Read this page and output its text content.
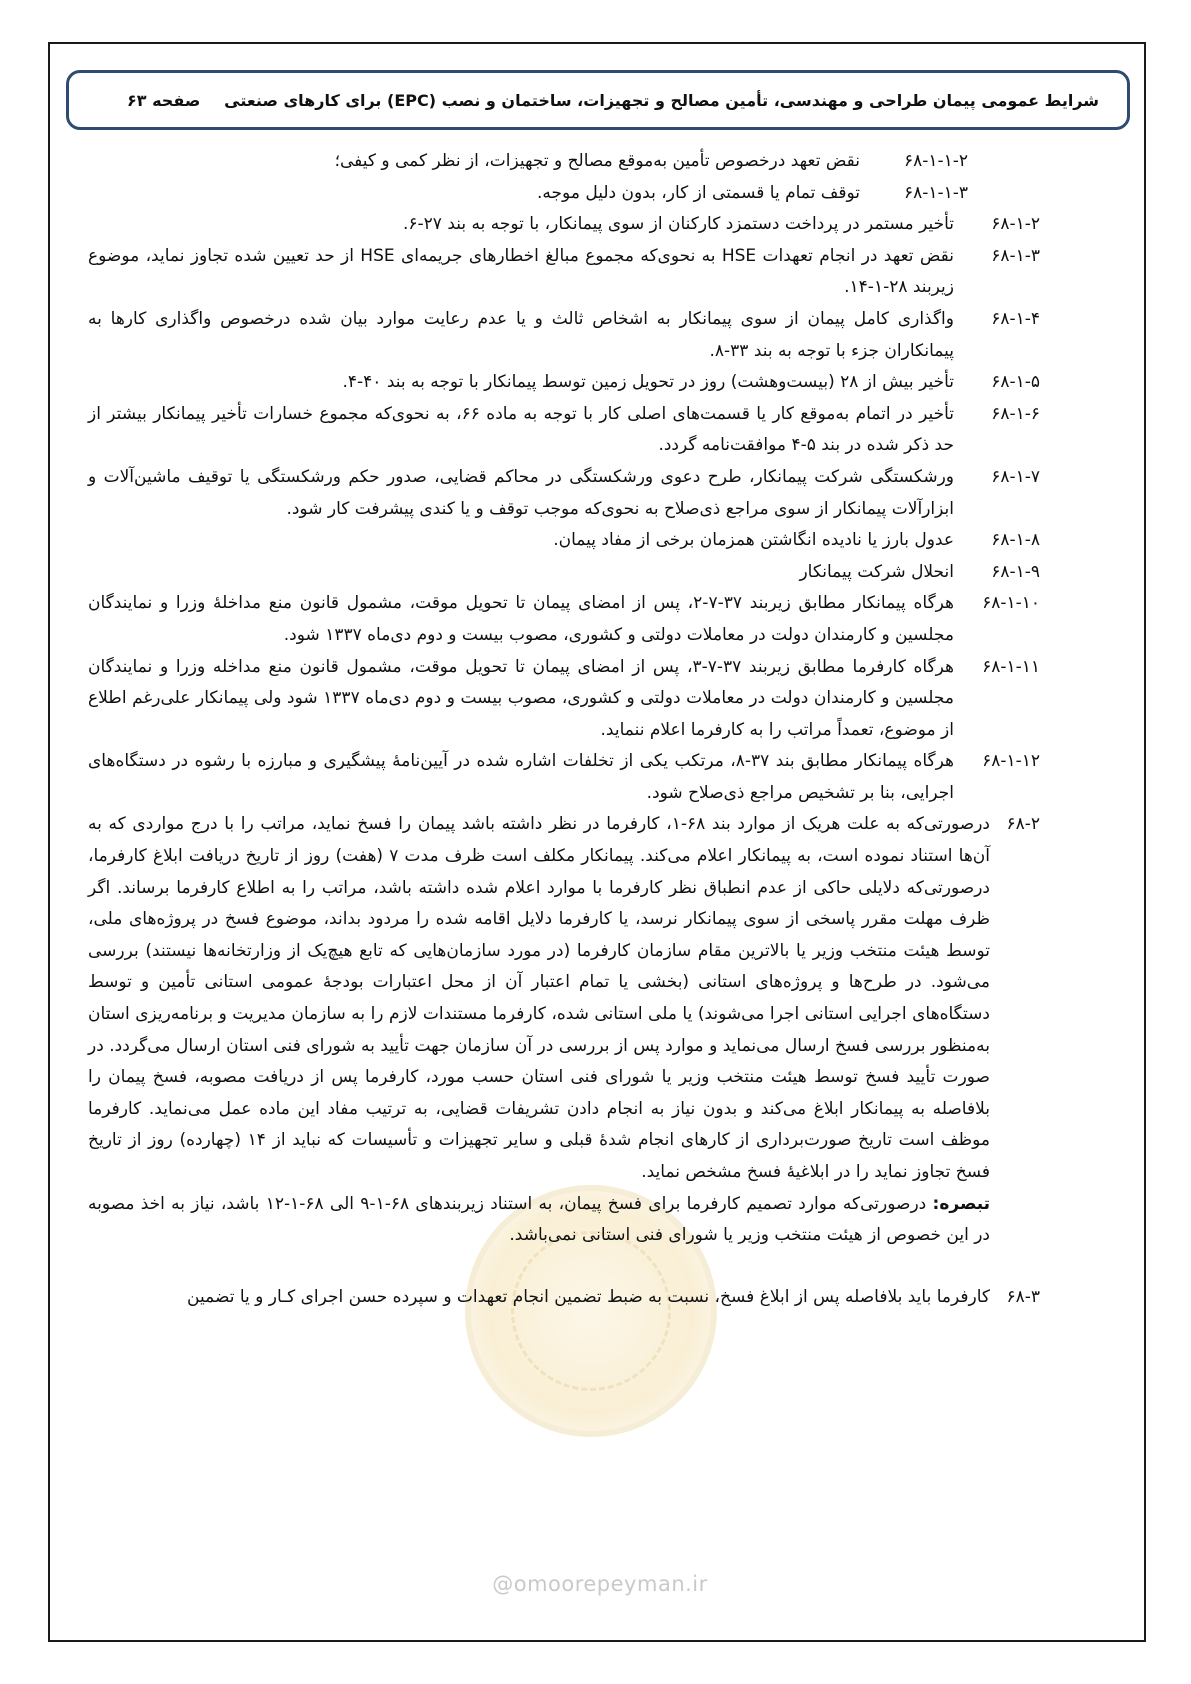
شرایط عمومی پیمان طراحی و مهندسی، تأمین مصالح و تجهیزات، ساختمان و نصب (EPC) برای کارهای صنعتی
صفحه ۶۳
@omoorepeyman.ir
۶۸-۱-۱-۲
نقض تعهد درخصوص تأمین به‌موقع مصالح و تجهیزات، از نظر کمی و کیفی؛
۶۸-۱-۱-۳
توقف تمام یا قسمتی از کار، بدون دلیل موجه.
۶۸-۱-۲
تأخیر مستمر در پرداخت دستمزد کارکنان از سوی پیمانکار، با توجه به بند ۲۷-۶.
۶۸-۱-۳
نقض تعهد در انجام تعهدات HSE به نحوی‌که مجموع مبالغ اخطارهای جریمه‌ای HSE از حد تعیین شده تجاوز نماید، موضوع زیربند ۲۸-۱-۱۴.
۶۸-۱-۴
واگذاری کامل پیمان از سوی پیمانکار به اشخاص ثالث و یا عدم رعایت موارد بیان شده درخصوص واگذاری کارها به پیمانکاران جزء با توجه به بند ۳۳-۸.
۶۸-۱-۵
تأخیر بیش از ۲۸ (بیست‌وهشت) روز در تحویل زمین توسط پیمانکار با توجه به بند ۴۰-۴.
۶۸-۱-۶
تأخیر در اتمام به‌موقع کار یا قسمت‌های اصلی کار با توجه به ماده ۶۶، به نحوی‌که مجموع خسارات تأخیر پیمانکار بیشتر از حد ذکر شده در بند ۵-۴ موافقت‌نامه گردد.
۶۸-۱-۷
ورشکستگی شرکت پیمانکار، طرح دعوی ورشکستگی در محاکم قضایی، صدور حکم ورشکستگی یا توقیف ماشین‌آلات و ابزارآلات پیمانکار از سوی مراجع ذی‌صلاح به نحوی‌که موجب توقف و یا کندی پیشرفت کار شود.
۶۸-۱-۸
عدول بارز یا نادیده انگاشتن همزمان برخی از مفاد پیمان.
۶۸-۱-۹
انحلال شرکت پیمانکار
۶۸-۱-۱۰
هرگاه پیمانکار مطابق زیربند ۳۷-۷-۲، پس از امضای پیمان تا تحویل موقت، مشمول قانون منع مداخلهٔ وزرا و نمایندگان مجلسین و کارمندان دولت در معاملات دولتی و کشوری، مصوب بیست و دوم دی‌ماه ۱۳۳۷ شود.
۶۸-۱-۱۱
هرگاه کارفرما مطابق زیربند ۳۷-۷-۳، پس از امضای پیمان تا تحویل موقت، مشمول قانون منع مداخله وزرا و نمایندگان مجلسین و کارمندان دولت در معاملات دولتی و کشوری، مصوب بیست و دوم دی‌ماه ۱۳۳۷ شود ولی پیمانکار علی‌رغم اطلاع از موضوع، تعمداً مراتب را به کارفرما اعلام ننماید.
۶۸-۱-۱۲
هرگاه پیمانکار مطابق بند ۳۷-۸، مرتکب یکی از تخلفات اشاره شده در آیین‌نامهٔ پیشگیری و مبارزه با رشوه در دستگاه‌های اجرایی، بنا بر تشخیص مراجع ذی‌صلاح شود.
۶۸-۲
درصورتی‌که به علت هریک از موارد بند ۶۸-۱، کارفرما در نظر داشته باشد پیمان را فسخ نماید، مراتب را با درج مواردی که به آن‌ها استناد نموده است، به پیمانکار اعلام می‌کند. پیمانکار مکلف است ظرف مدت ۷ (هفت) روز از تاریخ دریافت ابلاغ کارفرما، درصورتی‌که دلایلی حاکی از عدم انطباق نظر کارفرما با موارد اعلام شده داشته باشد، مراتب را به اطلاع کارفرما برساند. اگر ظرف مهلت مقرر پاسخی از سوی پیمانکار نرسد، یا کارفرما دلایل اقامه شده را مردود بداند، موضوع فسخ در پروژه‌های ملی، توسط هیئت منتخب وزیر یا بالاترین مقام سازمان کارفرما (در مورد سازمان‌هایی که تابع هیچ‌یک از وزارتخانه‌ها نیستند) بررسی می‌شود. در طرح‌ها و پروژه‌های استانی (بخشی یا تمام اعتبار آن از محل اعتبارات بودجهٔ عمومی استانی تأمین و توسط دستگاه‌های اجرایی استانی اجرا می‌شوند) یا ملی استانی شده، کارفرما مستندات لازم را به سازمان مدیریت و برنامه‌ریزی استان به‌منظور بررسی فسخ ارسال می‌نماید و موارد پس از بررسی در آن سازمان جهت تأیید به شورای فنی استان ارسال می‌گردد. در صورت تأیید فسخ توسط هیئت منتخب وزیر یا شورای فنی استان حسب مورد، کارفرما پس از دریافت مصوبه، فسخ پیمان را بلافاصله به پیمانکار ابلاغ می‌کند و بدون نیاز به انجام دادن تشریفات قضایی، به ترتیب مفاد این ماده عمل می‌نماید. کارفرما موظف است تاریخ صورت‌برداری از کارهای انجام شدهٔ قبلی و سایر تجهیزات و تأسیسات که نباید از ۱۴ (چهارده) روز از تاریخ فسخ تجاوز نماید را در ابلاغیهٔ فسخ مشخص نماید.
تبصره: درصورتی‌که موارد تصمیم کارفرما برای فسخ پیمان، به استناد زیربندهای ۶۸-۱-۹ الی ۶۸-۱-۱۲ باشد، نیاز به اخذ مصوبه در این خصوص از هیئت منتخب وزیر یا شورای فنی استانی نمی‌باشد.
۶۸-۳
کارفرما باید بلافاصله پس از ابلاغ فسخ، نسبت به ضبط تضمین انجام تعهدات و سپرده حسن اجرای کـار و یا تضمین
